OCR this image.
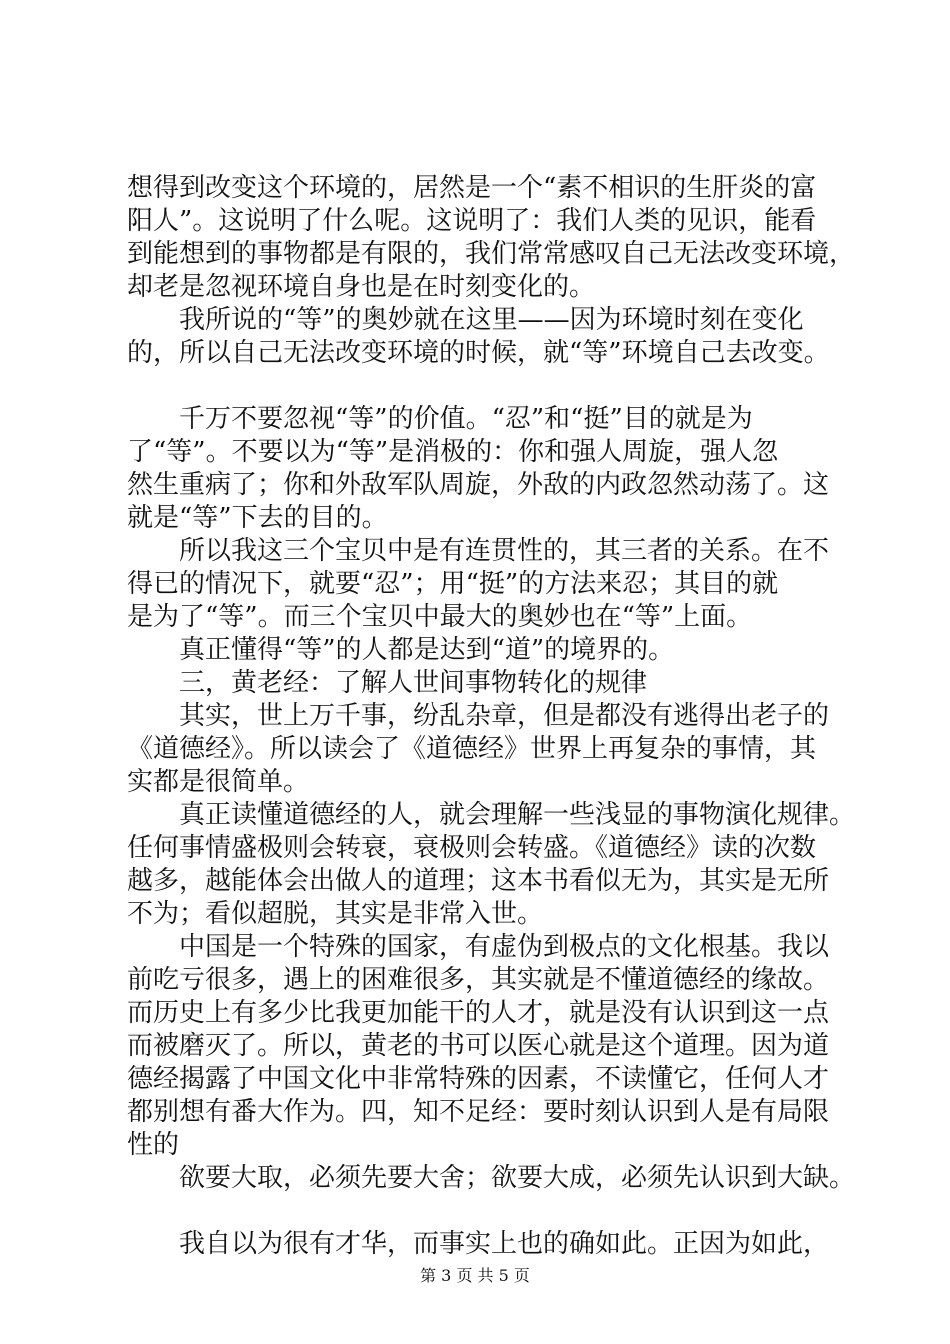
想得到改变这个环境的，居然是一个“素不相识的生肝炎的富
阳人”。这说明了什么呢。这说明了：我们人类的见识，能看
到能想到的事物都是有限的，我们常常感叹自己无法改变环境，
却老是忽视环境自身也是在时刻变化的。
　　我所说的“等”的奥妙就在这里——因为环境时刻在变化
的，所以自己无法改变环境的时候，就“等”环境自己去改变。
　　千万不要忽视“等”的价值。“忍”和“挺”目的就是为
了“等”。不要以为“等”是消极的：你和强人周旋，强人忽
然生重病了；你和外敌军队周旋，外敌的内政忽然动荡了。这
就是“等”下去的目的。
　　所以我这三个宝贝中是有连贯性的，其三者的关系。在不
得已的情况下，就要“忍”；用“挺”的方法来忍；其目的就
是为了“等”。而三个宝贝中最大的奥妙也在“等”上面。
　　真正懂得“等”的人都是达到“道”的境界的。
　　三，黄老经：了解人世间事物转化的规律
　　其实，世上万千事，纷乱杂章，但是都没有逃得出老子的
《道德经》。所以读会了《道德经》世界上再复杂的事情，其
实都是很简单。
　　真正读懂道德经的人，就会理解一些浅显的事物演化规律。
任何事情盛极则会转衰，衰极则会转盛。《道德经》读的次数
越多，越能体会出做人的道理；这本书看似无为，其实是无所
不为；看似超脱，其实是非常入世。
　　中国是一个特殊的国家，有虚伪到极点的文化根基。我以
前吃亏很多，遇上的困难很多，其实就是不懂道德经的缘故。
而历史上有多少比我更加能干的人才，就是没有认识到这一点
而被磨灭了。所以，黄老的书可以医心就是这个道理。因为道
德经揭露了中国文化中非常特殊的因素，不读懂它，任何人才
都别想有番大作为。四，知不足经：要时刻认识到人是有局限
性的
　　欲要大取，必须先要大舍；欲要大成，必须先认识到大缺。
　　我自以为很有才华，而事实上也的确如此。正因为如此，
第 3 页 共 5 页
